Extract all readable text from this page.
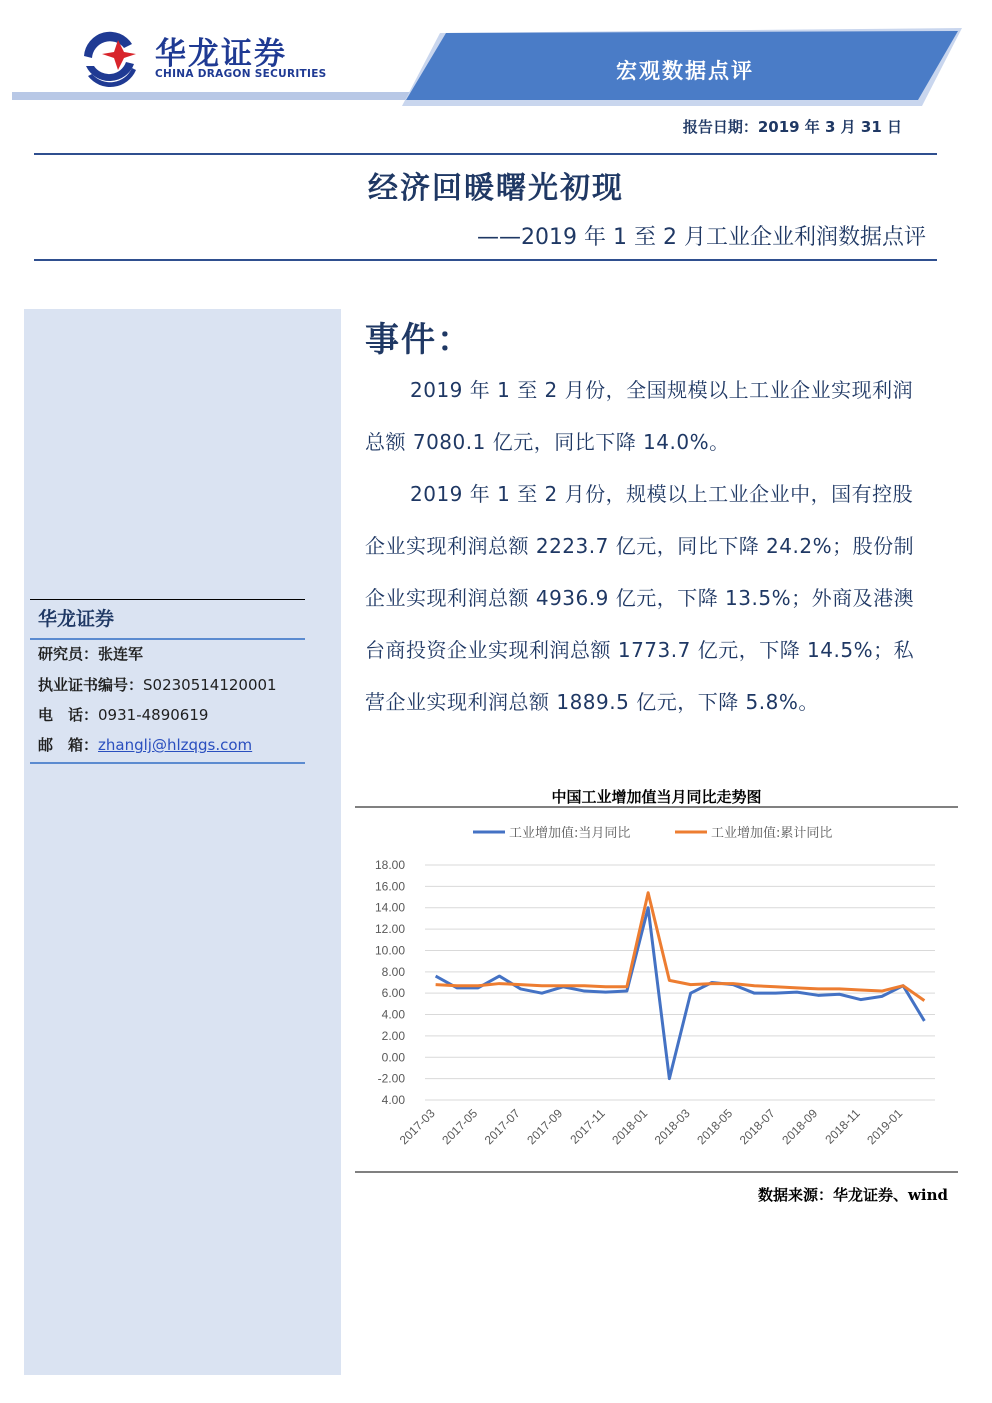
华龙证券
CHINA DRAGON SECURITIES	宏观数据点评
报告日期：2019 年 3 月 31 日
经济回暖曙光初现
——2019 年 1 至 2 月工业企业利润数据点评
华龙证券
研究员：张连军
执业证书编号：S0230514120001
电　话：0931-4890619
邮　箱：zhanglj@hlzqgs.com
事件：
2019 年 1 至 2 月份，全国规模以上工业企业实现利润
总额 7080.1 亿元，同比下降 14.0%。
2019 年 1 至 2 月份，规模以上工业企业中，国有控股
企业实现利润总额 2223.7 亿元，同比下降 24.2%；股份制
企业实现利润总额 4936.9 亿元，下降 13.5%；外商及港澳
台商投资企业实现利润总额 1773.7 亿元，下降 14.5%；私
营企业实现利润总额 1889.5 亿元，下降 5.8%。
中国工业增加值当月同比走势图
18.00
16.00
14.00
12.00
10.00
8.00
6.00
4.00
2.00
0.00
-2.00
4.00
2017-03 2017-05 2017-07 2017-09 2017-11 2018-01 2018-03 2018-05 2018-07 2018-09 2018-11 2019-01
工业增加值:当月同比	工业增加值:累计同比
数据来源：华龙证券、wind
